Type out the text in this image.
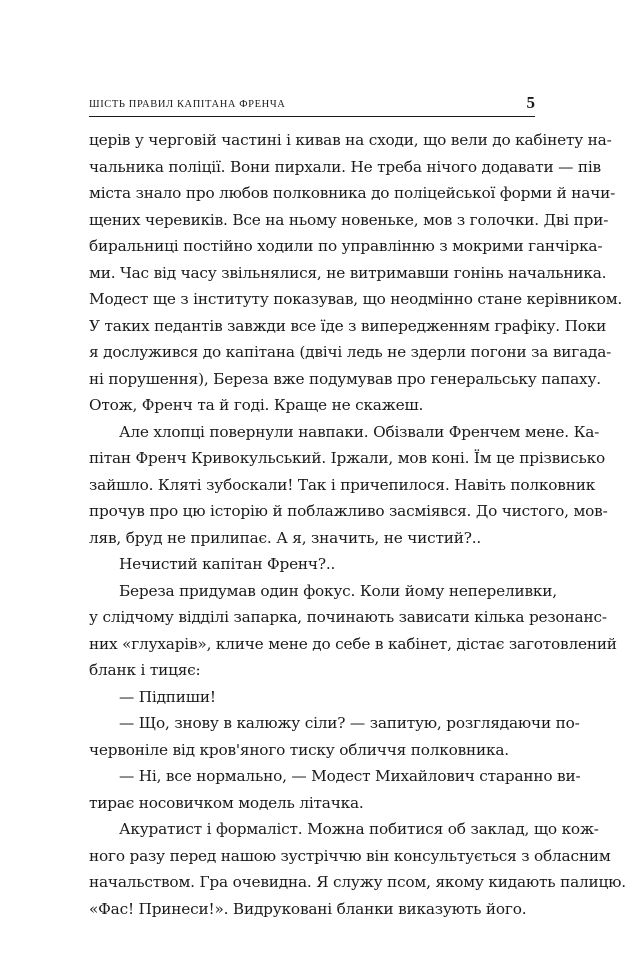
ШІСТЬ ПРАВИЛ КАПІТАНА ФРЕНЧА	5
церів у черговій частині і кивав на сходи, що вели до кабінету на-
чальника поліції. Вони пирхали. Не треба нічого додавати — пів
міста знало про любов полковника до поліцейської форми й начи-
щених черевиків. Все на ньому новеньке, мов з голочки. Дві при-
биральниці постійно ходили по управлінню з мокрими ганчірка-
ми. Час від часу звільнялися, не витримавши гонінь начальника.
Модест ще з інституту показував, що неодмінно стане керівником.
У таких педантів завжди все їде з випередженням графіку. Поки
я дослужився до капітана (двічі ледь не здерли погони за вигада-
ні порушення), Береза вже подумував про генеральську папаху.
Отож, Френч та й годі. Краще не скажеш.
Але хлопці повернули навпаки. Обізвали Френчем мене. Ка-
пітан Френч Кривокульський. Іржали, мов коні. Їм це прізвисько
зайшло. Кляті зубоскали! Так і причепилося. Навіть полковник
прочув про цю історію й поблажливо засміявся. До чистого, мов-
ляв, бруд не прилипає. А я, значить, не чистий?..
Нечистий капітан Френч?..
Береза придумав один фокус. Коли йому непереливки,
у слідчому відділі запарка, починають зависати кілька резонанс-
них «глухарів», кличе мене до себе в кабінет, дістає заготовлений
бланк і тицяє:
— Підпиши!
— Що, знову в калюжу сіли? — запитую, розглядаючи по-
червоніле від кров'яного тиску обличчя полковника.
— Ні, все нормально, — Модест Михайлович старанно ви-
тирає носовичком модель літачка.
Акуратист і формаліст. Можна побитися об заклад, що кож-
ного разу перед нашою зустріччю він консультується з обласним
начальством. Гра очевидна. Я служу псом, якому кидають палицю.
«Фас! Принеси!». Видруковані бланки виказують його.
